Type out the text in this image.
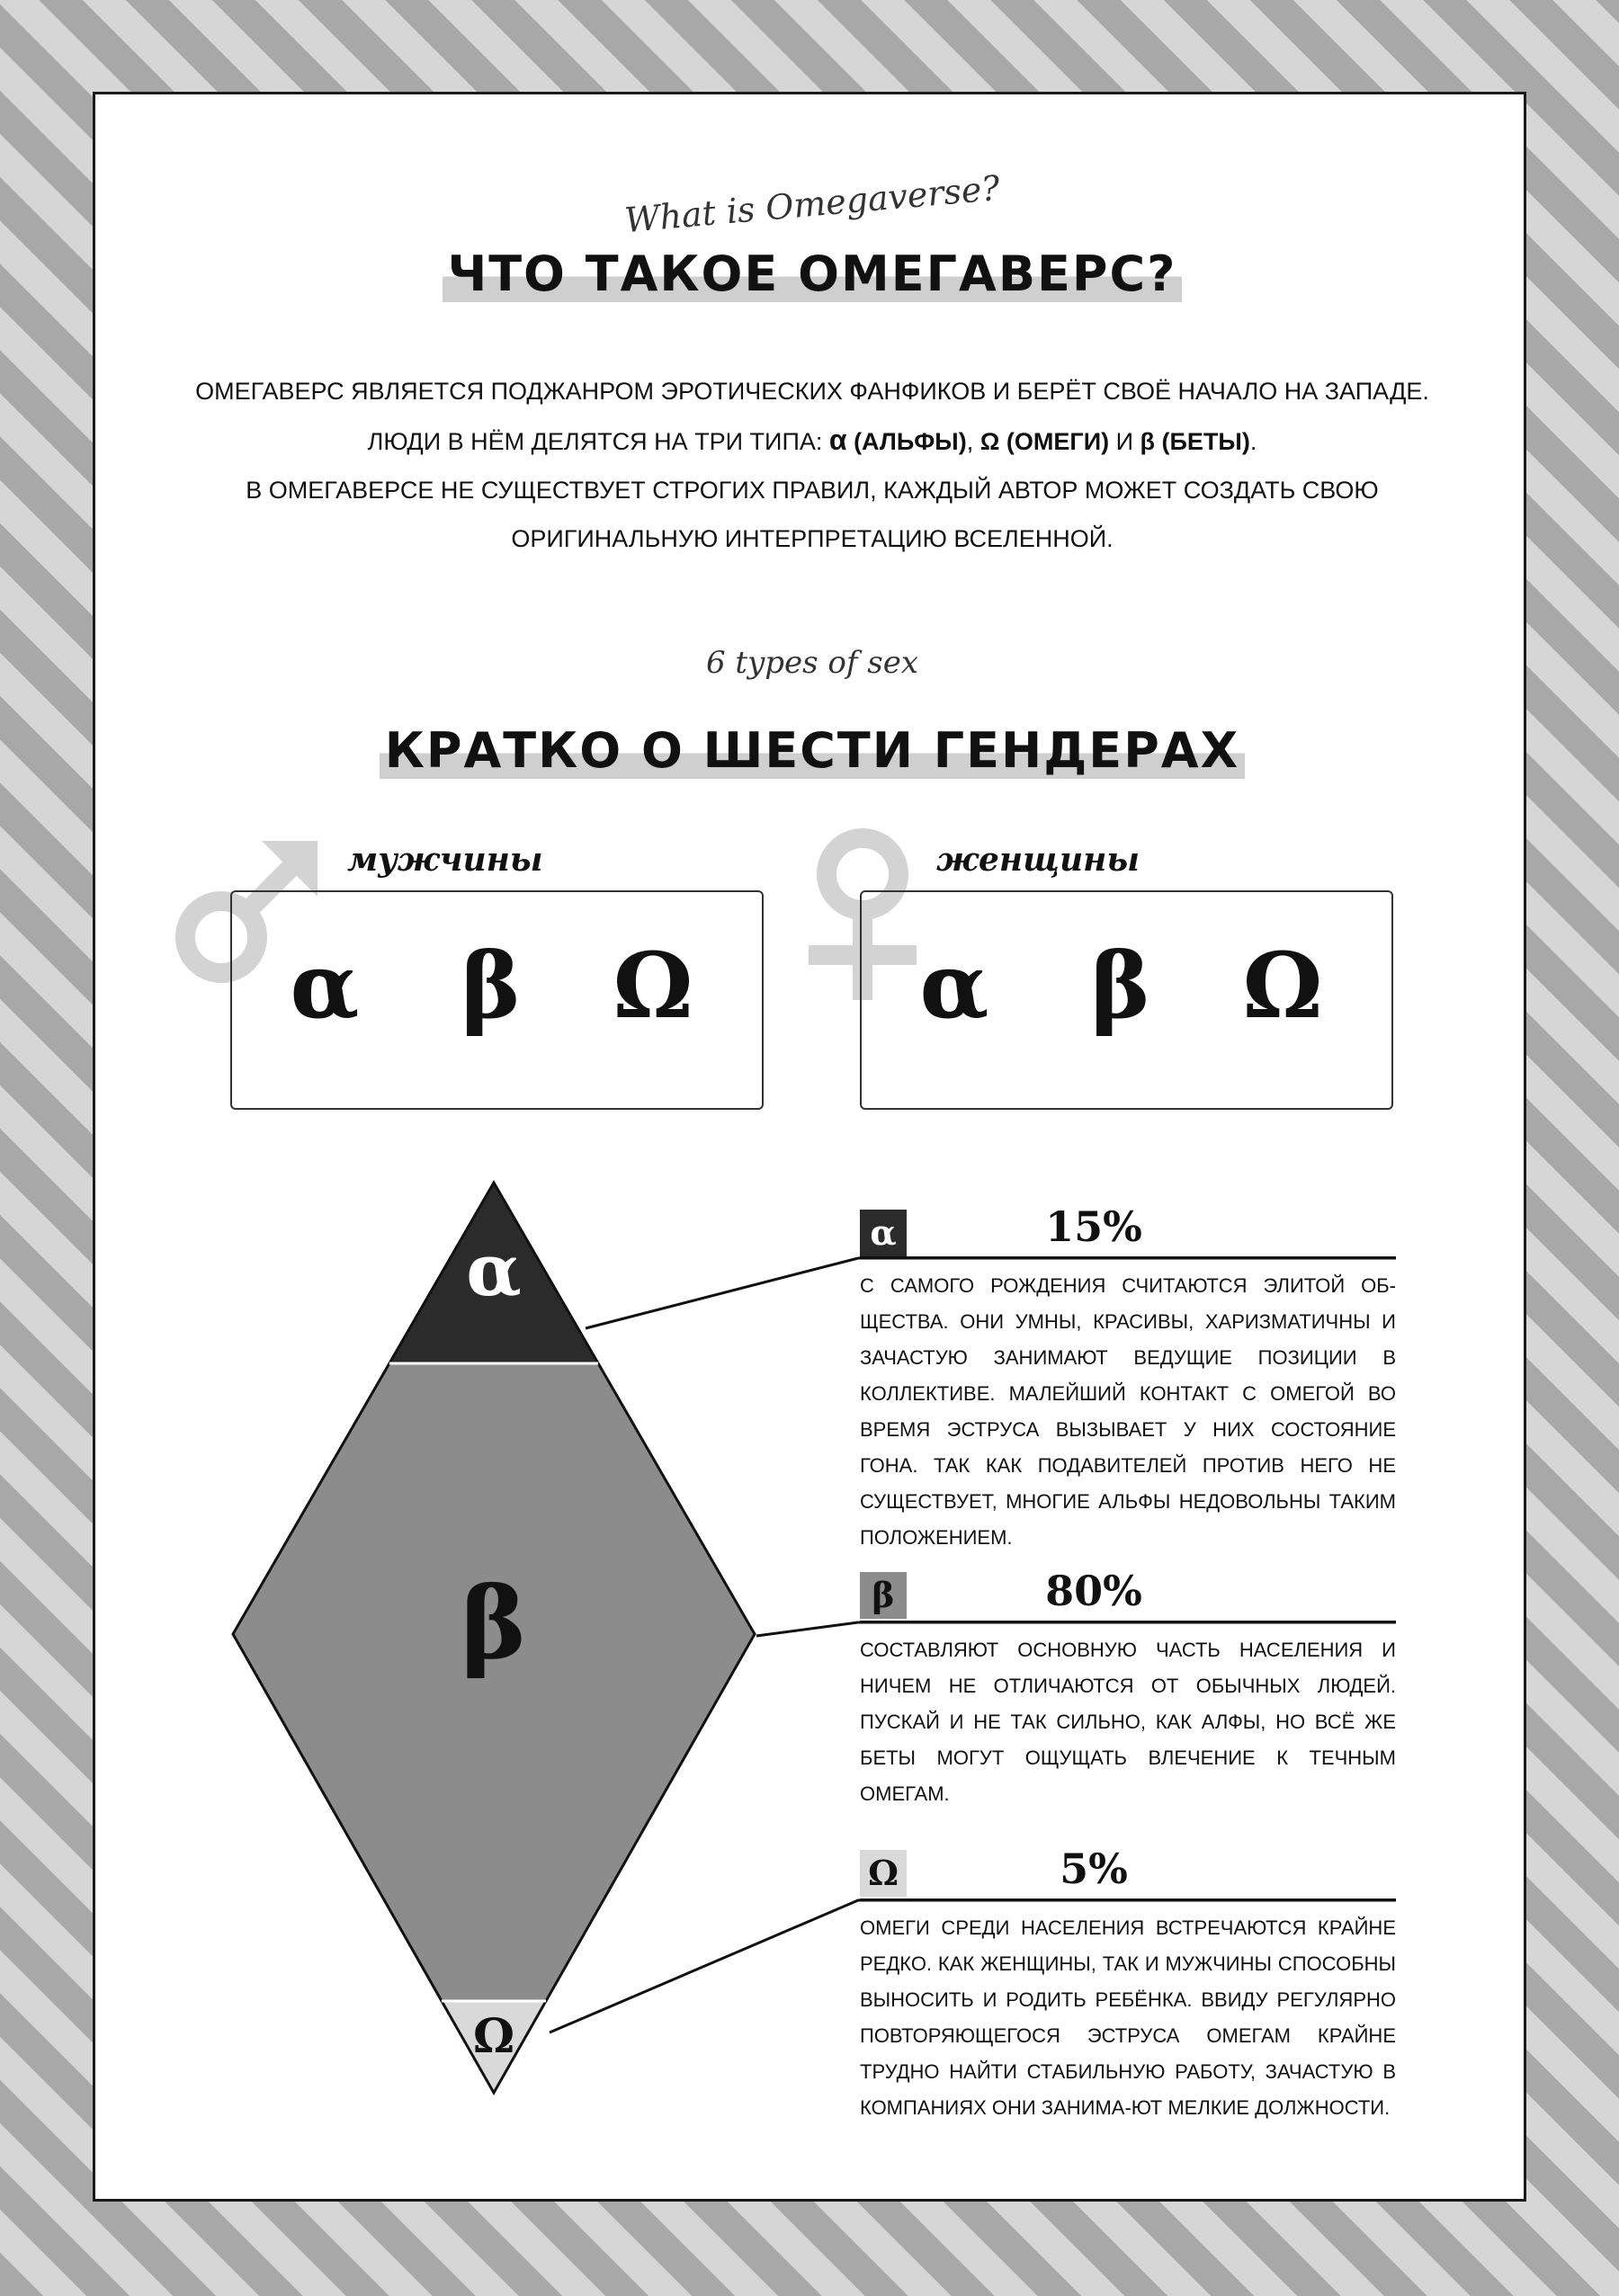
What is Omegaverse?
ЧТО ТАКОЕ ОМЕГАВЕРС?
ОМЕГАВЕРС ЯВЛЯЕТСЯ ПОДЖАНРОМ ЭРОТИЧЕСКИХ ФАНФИКОВ И БЕРЁТ СВОЁ НАЧАЛО НА ЗАПАДЕ.
ЛЮДИ В НЁМ ДЕЛЯТСЯ НА ТРИ ТИПА: α (АЛЬФЫ), Ω (ОМЕГИ) И β (БЕТЫ).
В ОМЕГАВЕРСЕ НЕ СУЩЕСТВУЕТ СТРОГИХ ПРАВИЛ, КАЖДЫЙ АВТОР МОЖЕТ СОЗДАТЬ СВОЮ
ОРИГИНАЛЬНУЮ ИНТЕРПРЕТАЦИЮ ВСЕЛЕННОЙ.
6 types of sex
КРАТКО О ШЕСТИ ГЕНДЕРАХ
мужчины
α	β	Ω
женщины
α	β	Ω
α
β
Ω
α	15%
С САМОГО РОЖДЕНИЯ СЧИТАЮТСЯ ЭЛИТОЙ ОБ-ЩЕСТВА. ОНИ УМНЫ, КРАСИВЫ, ХАРИЗМАТИЧНЫ И ЗАЧАСТУЮ ЗАНИМАЮТ ВЕДУЩИЕ ПОЗИЦИИ В КОЛЛЕКТИВЕ. МАЛЕЙШИЙ КОНТАКТ С ОМЕГОЙ ВО ВРЕМЯ ЭСТРУСА ВЫЗЫВАЕТ У НИХ СОСТОЯНИЕ ГОНА. ТАК КАК ПОДАВИТЕЛЕЙ ПРОТИВ НЕГО НЕ СУЩЕСТВУЕТ, МНОГИЕ АЛЬФЫ НЕДОВОЛЬНЫ ТАКИМ ПОЛОЖЕНИЕМ.
β	80%
СОСТАВЛЯЮТ ОСНОВНУЮ ЧАСТЬ НАСЕЛЕНИЯ И НИЧЕМ НЕ ОТЛИЧАЮТСЯ ОТ ОБЫЧНЫХ ЛЮДЕЙ. ПУСКАЙ И НЕ ТАК СИЛЬНО, КАК АЛФЫ, НО ВСЁ ЖЕ БЕТЫ МОГУТ ОЩУЩАТЬ ВЛЕЧЕНИЕ К ТЕЧНЫМ ОМЕГАМ.
Ω	5%
ОМЕГИ СРЕДИ НАСЕЛЕНИЯ ВСТРЕЧАЮТСЯ КРАЙНЕ РЕДКО. КАК ЖЕНЩИНЫ, ТАК И МУЖЧИНЫ СПОСОБНЫ ВЫНОСИТЬ И РОДИТЬ РЕБЁНКА. ВВИДУ РЕГУЛЯРНО ПОВТОРЯЮЩЕГОСЯ ЭСТРУСА ОМЕГАМ КРАЙНЕ ТРУДНО НАЙТИ СТАБИЛЬНУЮ РАБОТУ, ЗАЧАСТУЮ В КОМПАНИЯХ ОНИ ЗАНИМА-ЮТ МЕЛКИЕ ДОЛЖНОСТИ.
